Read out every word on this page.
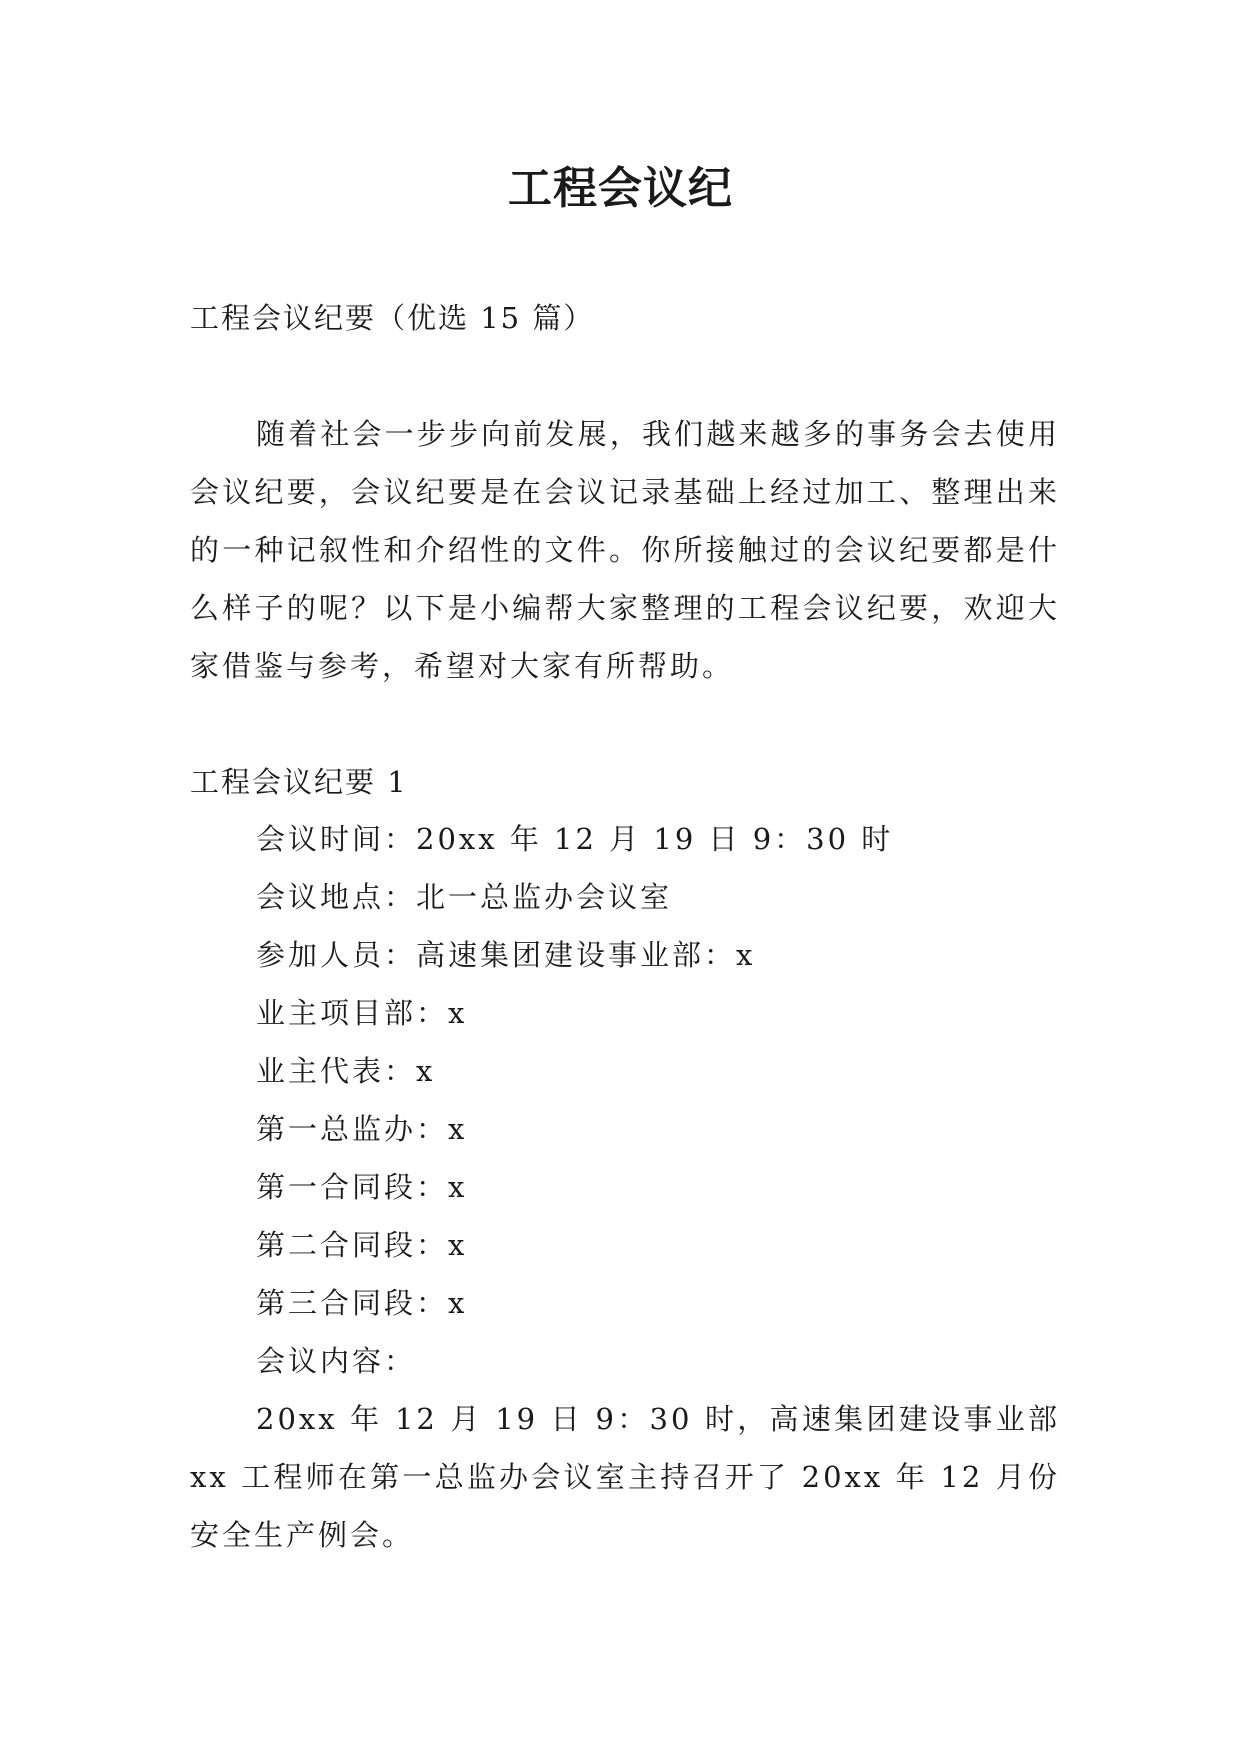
工程会议纪

工程会议纪要（优选 15 篇）

随着社会一步步向前发展，我们越来越多的事务会去使用会议纪要，会议纪要是在会议记录基础上经过加工、整理出来的一种记叙性和介绍性的文件。你所接触过的会议纪要都是什么样子的呢？以下是小编帮大家整理的工程会议纪要，欢迎大家借鉴与参考，希望对大家有所帮助。

工程会议纪要 1

会议时间：20xx 年 12 月 19 日 9：30 时
会议地点：北一总监办会议室
参加人员：高速集团建设事业部：x
业主项目部：x
业主代表：x
第一总监办：x
第一合同段：x
第二合同段：x
第三合同段：x
会议内容：

20xx 年 12 月 19 日 9：30 时，高速集团建设事业部 xx 工程师在第一总监办会议室主持召开了 20xx 年 12 月份安全生产例会。
